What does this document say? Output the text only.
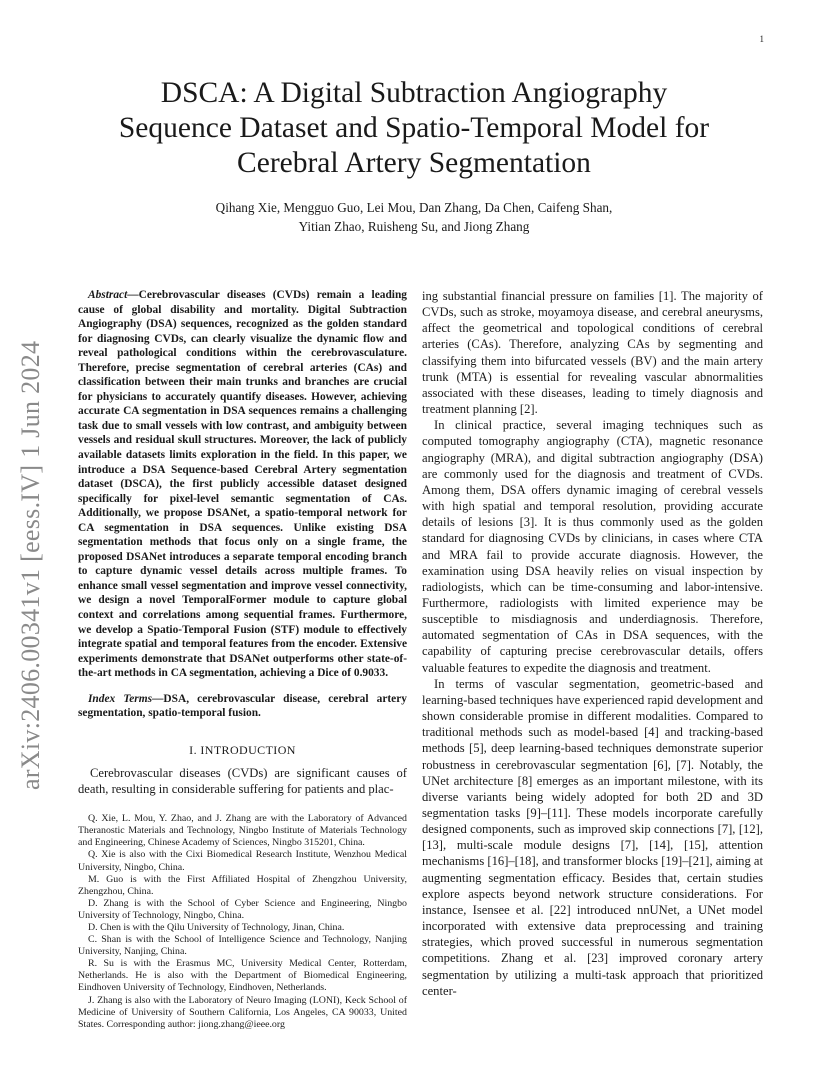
1
arXiv:2406.00341v1 [eess.IV] 1 Jun 2024
DSCA: A Digital Subtraction Angiography
Sequence Dataset and Spatio-Temporal Model for
Cerebral Artery Segmentation
Qihang Xie, Mengguo Guo, Lei Mou, Dan Zhang, Da Chen, Caifeng Shan,
Yitian Zhao, Ruisheng Su, and Jiong Zhang

Abstract—Cerebrovascular diseases (CVDs) remain a leading cause of global disability and mortality. Digital Subtraction Angiography (DSA) sequences, recognized as the golden standard for diagnosing CVDs, can clearly visualize the dynamic flow and reveal pathological conditions within the cerebrovasculature. Therefore, precise segmentation of cerebral arteries (CAs) and classification between their main trunks and branches are crucial for physicians to accurately quantify diseases. However, achieving accurate CA segmentation in DSA sequences remains a challenging task due to small vessels with low contrast, and ambiguity between vessels and residual skull structures. Moreover, the lack of publicly available datasets limits exploration in the field. In this paper, we introduce a DSA Sequence-based Cerebral Artery segmentation dataset (DSCA), the first publicly accessible dataset designed specifically for pixel-level semantic segmentation of CAs. Additionally, we propose DSANet, a spatio-temporal network for CA segmentation in DSA sequences. Unlike existing DSA segmentation methods that focus only on a single frame, the proposed DSANet introduces a separate temporal encoding branch to capture dynamic vessel details across multiple frames. To enhance small vessel segmentation and improve vessel connectivity, we design a novel TemporalFormer module to capture global context and correlations among sequential frames. Furthermore, we develop a Spatio-Temporal Fusion (STF) module to effectively integrate spatial and temporal features from the encoder. Extensive experiments demonstrate that DSANet outperforms other state-of-the-art methods in CA segmentation, achieving a Dice of 0.9033.

Index Terms—DSA, cerebrovascular disease, cerebral artery segmentation, spatio-temporal fusion.

I. INTRODUCTION

Cerebrovascular diseases (CVDs) are significant causes of death, resulting in considerable suffering for patients and plac-

Q. Xie, L. Mou, Y. Zhao, and J. Zhang are with the Laboratory of Advanced Theranostic Materials and Technology, Ningbo Institute of Materials Technology and Engineering, Chinese Academy of Sciences, Ningbo 315201, China.

Q. Xie is also with the Cixi Biomedical Research Institute, Wenzhou Medical University, Ningbo, China.

M. Guo is with the First Affiliated Hospital of Zhengzhou University, Zhengzhou, China.

D. Zhang is with the School of Cyber Science and Engineering, Ningbo University of Technology, Ningbo, China.

D. Chen is with the Qilu University of Technology, Jinan, China.

C. Shan is with the School of Intelligence Science and Technology, Nanjing University, Nanjing, China.

R. Su is with the Erasmus MC, University Medical Center, Rotterdam, Netherlands. He is also with the Department of Biomedical Engineering, Eindhoven University of Technology, Eindhoven, Netherlands.

J. Zhang is also with the Laboratory of Neuro Imaging (LONI), Keck School of Medicine of University of Southern California, Los Angeles, CA 90033, United States. Corresponding author: jiong.zhang@ieee.org

ing substantial financial pressure on families [1]. The majority of CVDs, such as stroke, moyamoya disease, and cerebral aneurysms, affect the geometrical and topological conditions of cerebral arteries (CAs). Therefore, analyzing CAs by segmenting and classifying them into bifurcated vessels (BV) and the main artery trunk (MTA) is essential for revealing vascular abnormalities associated with these diseases, leading to timely diagnosis and treatment planning [2].

In clinical practice, several imaging techniques such as computed tomography angiography (CTA), magnetic resonance angiography (MRA), and digital subtraction angiography (DSA) are commonly used for the diagnosis and treatment of CVDs. Among them, DSA offers dynamic imaging of cerebral vessels with high spatial and temporal resolution, providing accurate details of lesions [3]. It is thus commonly used as the golden standard for diagnosing CVDs by clinicians, in cases where CTA and MRA fail to provide accurate diagnosis. However, the examination using DSA heavily relies on visual inspection by radiologists, which can be time-consuming and labor-intensive. Furthermore, radiologists with limited experience may be susceptible to misdiagnosis and underdiagnosis. Therefore, automated segmentation of CAs in DSA sequences, with the capability of capturing precise cerebrovascular details, offers valuable features to expedite the diagnosis and treatment.

In terms of vascular segmentation, geometric-based and learning-based techniques have experienced rapid development and shown considerable promise in different modalities. Compared to traditional methods such as model-based [4] and tracking-based methods [5], deep learning-based techniques demonstrate superior robustness in cerebrovascular segmentation [6], [7]. Notably, the UNet architecture [8] emerges as an important milestone, with its diverse variants being widely adopted for both 2D and 3D segmentation tasks [9]–[11]. These models incorporate carefully designed components, such as improved skip connections [7], [12], [13], multi-scale module designs [7], [14], [15], attention mechanisms [16]–[18], and transformer blocks [19]–[21], aiming at augmenting segmentation efficacy. Besides that, certain studies explore aspects beyond network structure considerations. For instance, Isensee et al. [22] introduced nnUNet, a UNet model incorporated with extensive data preprocessing and training strategies, which proved successful in numerous segmentation competitions. Zhang et al. [23] improved coronary artery segmentation by utilizing a multi-task approach that prioritized center-
